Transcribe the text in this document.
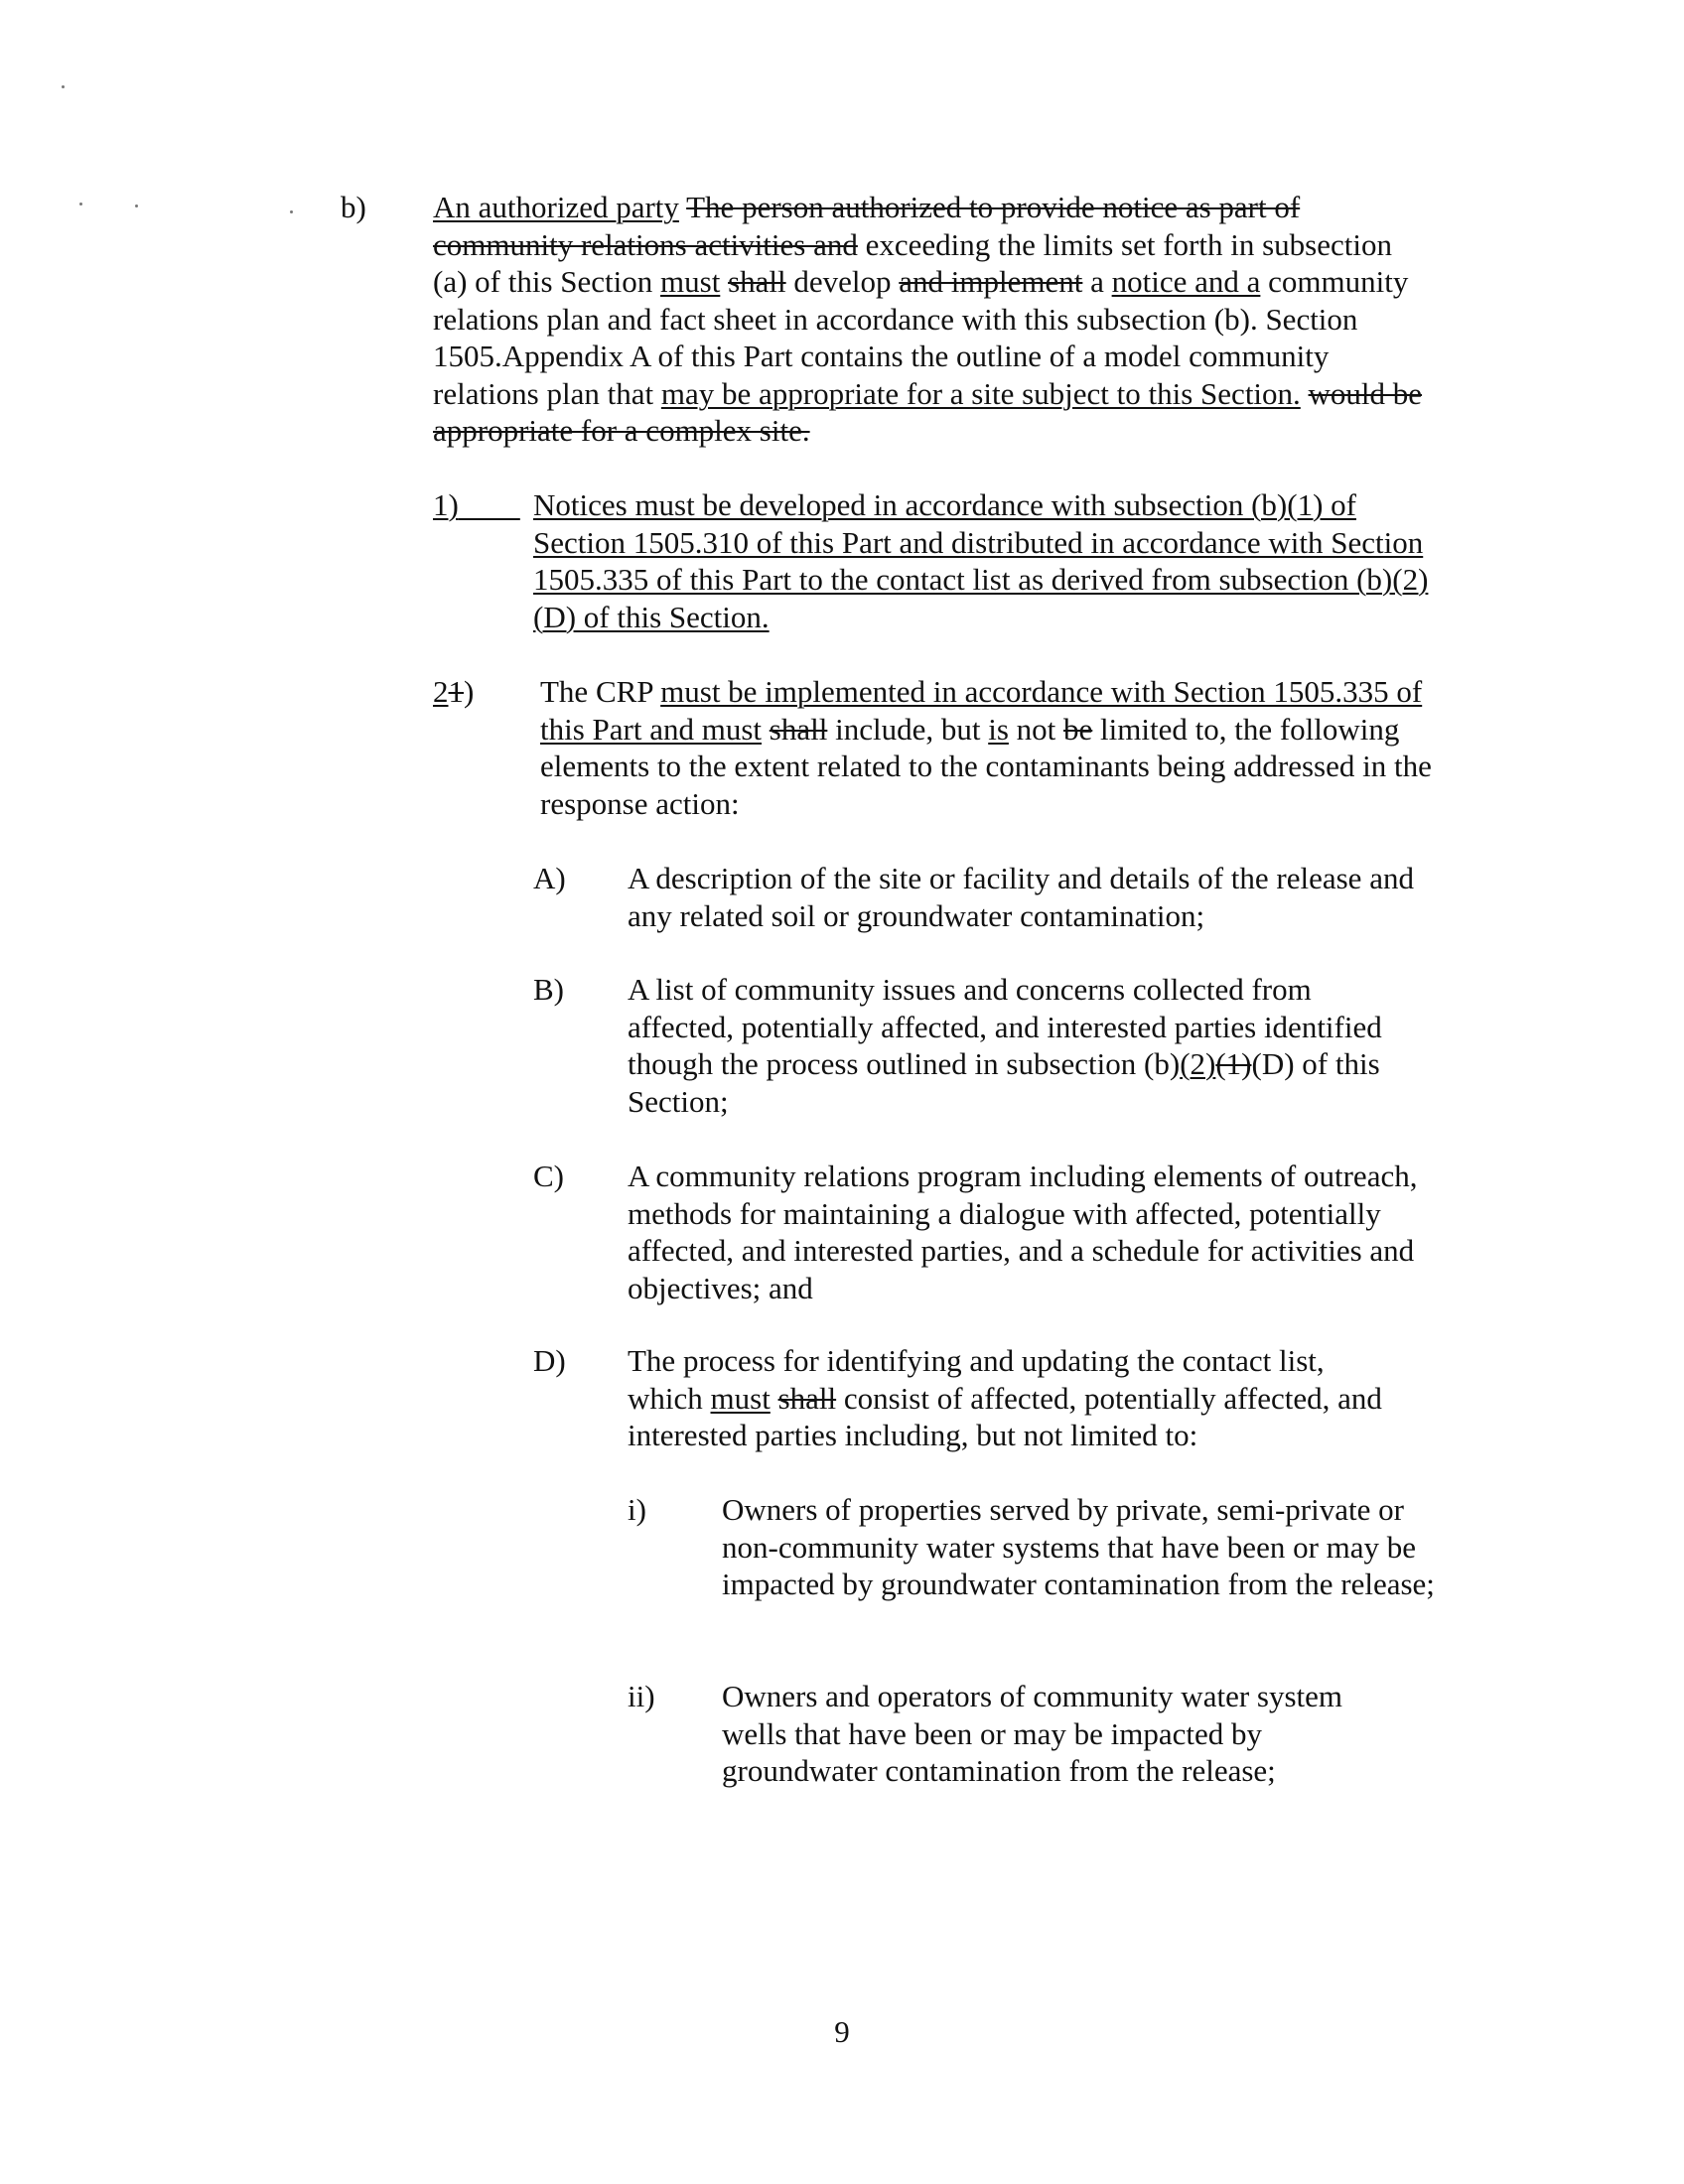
b) An authorized party The person authorized to provide notice as part of community relations activities and exceeding the limits set forth in subsection (a) of this Section must shall develop and implement a notice and a community relations plan and fact sheet in accordance with this subsection (b). Section 1505.Appendix A of this Part contains the outline of a model community relations plan that may be appropriate for a site subject to this Section. would be appropriate for a complex site.
1)	Notices must be developed in accordance with subsection (b)(1) of Section 1505.310 of this Part and distributed in accordance with Section 1505.335 of this Part to the contact list as derived from subsection (b)(2)(D) of this Section.
21) The CRP must be implemented in accordance with Section 1505.335 of this Part and must shall include, but is not be limited to, the following elements to the extent related to the contaminants being addressed in the response action:
A) A description of the site or facility and details of the release and any related soil or groundwater contamination;
B) A list of community issues and concerns collected from affected, potentially affected, and interested parties identified though the process outlined in subsection (b)(2)(1)(D) of this Section;
C) A community relations program including elements of outreach, methods for maintaining a dialogue with affected, potentially affected, and interested parties, and a schedule for activities and objectives; and
D) The process for identifying and updating the contact list, which must shall consist of affected, potentially affected, and interested parties including, but not limited to:
i) Owners of properties served by private, semi-private or non-community water systems that have been or may be impacted by groundwater contamination from the release;
ii) Owners and operators of community water system wells that have been or may be impacted by groundwater contamination from the release;
9
